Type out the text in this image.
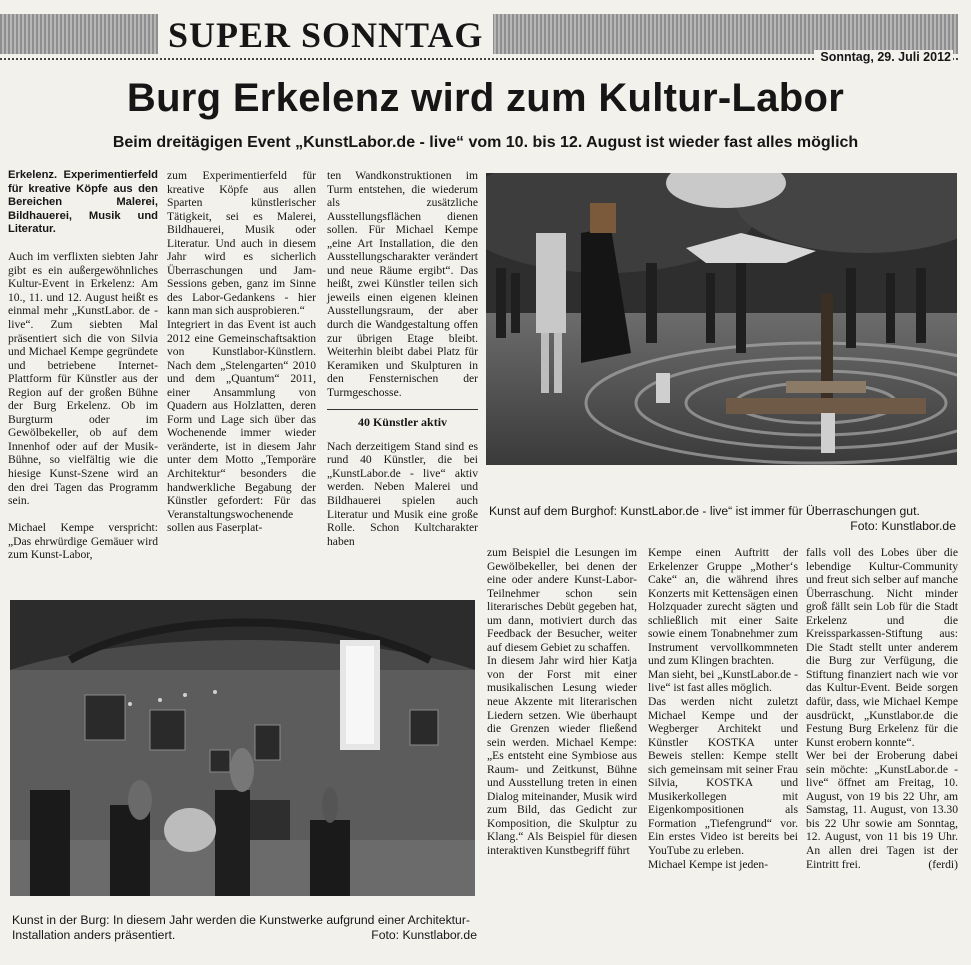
SUPER SONNTAG
Sonntag, 29. Juli 2012
Burg Erkelenz wird zum Kultur-Labor
Beim dreitägigen Event „KunstLabor.de - live“ vom 10. bis 12. August ist wieder fast alles möglich

Erkelenz. Experimentierfeld für kreative Köpfe aus den Bereichen Malerei, Bildhauerei, Musik und Literatur.

Auch im verflixten siebten Jahr gibt es ein außergewöhnliches Kultur-Event in Erkelenz: Am 10., 11. und 12. August heißt es einmal mehr „KunstLabor. de - live“. Zum siebten Mal präsentiert sich die von Silvia und Michael Kempe gegründete und betriebene Internet-Plattform für Künstler aus der Region auf der großen Bühne der Burg Erkelenz. Ob im Burgturm oder im Gewölbekeller, ob auf dem Innenhof oder auf der Musik-Bühne, so vielfältig wie die hiesige Kunst-Szene wird an den drei Tagen das Programm sein.

Michael Kempe verspricht: „Das ehrwürdige Gemäuer wird zum Kunst-Labor,

zum Experimentierfeld für kreative Köpfe aus allen Sparten künstlerischer Tätigkeit, sei es Malerei, Bildhauerei, Musik oder Literatur. Und auch in diesem Jahr wird es sicherlich Überraschungen und Jam-Sessions geben, ganz im Sinne des Labor-Gedankens - hier kann man sich ausprobieren.“

Integriert in das Event ist auch 2012 eine Gemeinschaftsaktion von Kunstlabor-Künstlern. Nach dem „Stelengarten“ 2010 und dem „Quantum“ 2011, einer Ansammlung von Quadern aus Holzlatten, deren Form und Lage sich über das Wochenende immer wieder veränderte, ist in diesem Jahr unter dem Motto „Temporäre Architektur“ besonders die handwerkliche Begabung der Künstler gefordert: Für das Veranstaltungswochenende sollen aus Faserplat-

ten Wandkonstruktionen im Turm entstehen, die wiederum als zusätzliche Ausstellungsflächen dienen sollen. Für Michael Kempe „eine Art Installation, die den Ausstellungscharakter verändert und neue Räume ergibt“. Das heißt, zwei Künstler teilen sich jeweils einen eigenen kleinen Ausstellungsraum, der aber durch die Wandgestaltung offen zur übrigen Etage bleibt. Weiterhin bleibt dabei Platz für Keramiken und Skulpturen in den Fensternischen der Turmgeschosse.

40 Künstler aktiv

Nach derzeitigem Stand sind es rund 40 Künstler, die bei „KunstLabor.de - live“ aktiv werden. Neben Malerei und Bildhauerei spielen auch Literatur und Musik eine große Rolle. Schon Kultcharakter haben

Kunst auf dem Burghof: KunstLabor.de - live“ ist immer für Überraschungen gut.
Foto: Kunstlabor.de
Kunst in der Burg: In diesem Jahr werden die Kunstwerke aufgrund einer Architektur-Installation anders präsentiert.	Foto: Kunstlabor.de

zum Beispiel die Lesungen im Gewölbekeller, bei denen der eine oder andere Kunst-Labor-Teilnehmer schon sein literarisches Debüt gegeben hat, um dann, motiviert durch das Feedback der Besucher, weiter auf diesem Gebiet zu schaffen.

In diesem Jahr wird hier Katja von der Forst mit einer musikalischen Lesung wieder neue Akzente mit literarischen Liedern setzen. Wie überhaupt die Grenzen wieder fließend sein werden. Michael Kempe: „Es entsteht eine Symbiose aus Raum- und Zeitkunst, Bühne und Ausstellung treten in einen Dialog miteinander, Musik wird zum Bild, das Gedicht zur Komposition, die Skulptur zu Klang.“ Als Beispiel für diesen interaktiven Kunstbegriff führt

Kempe einen Auftritt der Erkelenzer Gruppe „Mother‘s Cake“ an, die während ihres Konzerts mit Kettensägen einen Holzquader zurecht sägten und schließlich mit einer Saite sowie einem Tonabnehmer zum Instrument vervollkommneten und zum Klingen brachten.

Man sieht, bei „KunstLabor.de - live“ ist fast alles möglich.

Das werden nicht zuletzt Michael Kempe und der Wegberger Architekt und Künstler KOSTKA unter Beweis stellen: Kempe stellt sich gemeinsam mit seiner Frau Silvia, KOSTKA und Musikerkollegen mit Eigenkompositionen als Formation „Tiefengrund“ vor. Ein erstes Video ist bereits bei YouTube zu erleben.

Michael Kempe ist jeden-

falls voll des Lobes über die lebendige Kultur-Community und freut sich selber auf manche Überraschung. Nicht minder groß fällt sein Lob für die Stadt Erkelenz und die Kreissparkassen-Stiftung aus: Die Stadt stellt unter anderem die Burg zur Verfügung, die Stiftung finanziert nach wie vor das Kultur-Event. Beide sorgen dafür, dass, wie Michael Kempe ausdrückt, „Kunstlabor.de die Festung Burg Erkelenz für die Kunst erobern konnte“.

Wer bei der Eroberung dabei sein möchte: „KunstLabor.de - live“ öffnet am Freitag, 10. August, von 19 bis 22 Uhr, am Samstag, 11. August, von 13.30 bis 22 Uhr sowie am Sonntag, 12. August, von 11 bis 19 Uhr. An allen drei Tagen ist der Eintritt frei.	(ferdi)
